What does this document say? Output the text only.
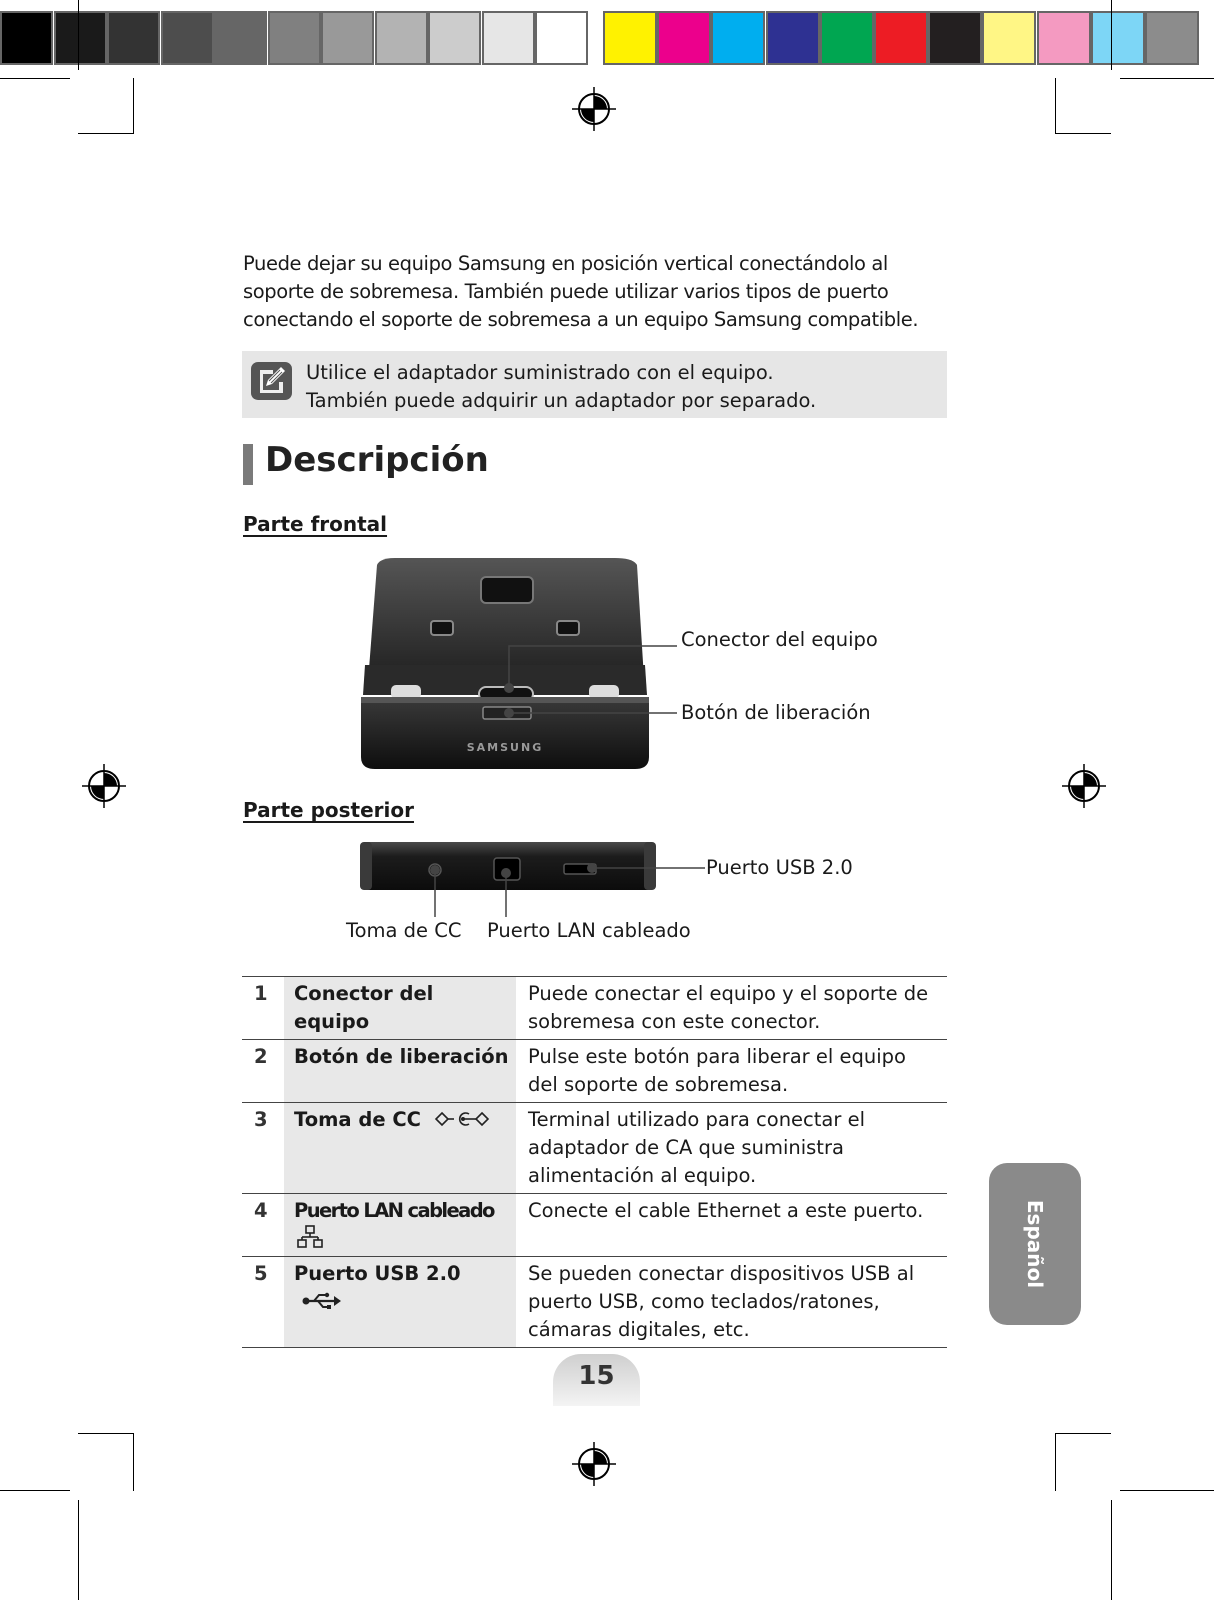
Puede dejar su equipo Samsung en posición vertical conectándolo al soporte de sobremesa. También puede utilizar varios tipos de puerto conectando el soporte de sobremesa a un equipo Samsung compatible.

Utilice el adaptador suministrado con el equipo.
También puede adquirir un adaptador por separado.
Descripción
Parte frontal
SAMSUNG
Conector del equipo
Botón de liberación
Parte posterior
Puerto USB 2.0
Toma de CC Puerto LAN cableado
1	Conector del equipo	Puede conectar el equipo y el soporte de sobremesa con este conector.
2	Botón de liberación	Pulse este botón para liberar el equipo del soporte de sobremesa.
3	Toma de CC	Terminal utilizado para conectar el adaptador de CA que suministra alimentación al equipo.
4	Puerto LAN cableado	Conecte el cable Ethernet a este puerto.
5	Puerto USB 2.0	Se pueden conectar dispositivos USB al puerto USB, como teclados/ratones, cámaras digitales, etc.
Español
15
